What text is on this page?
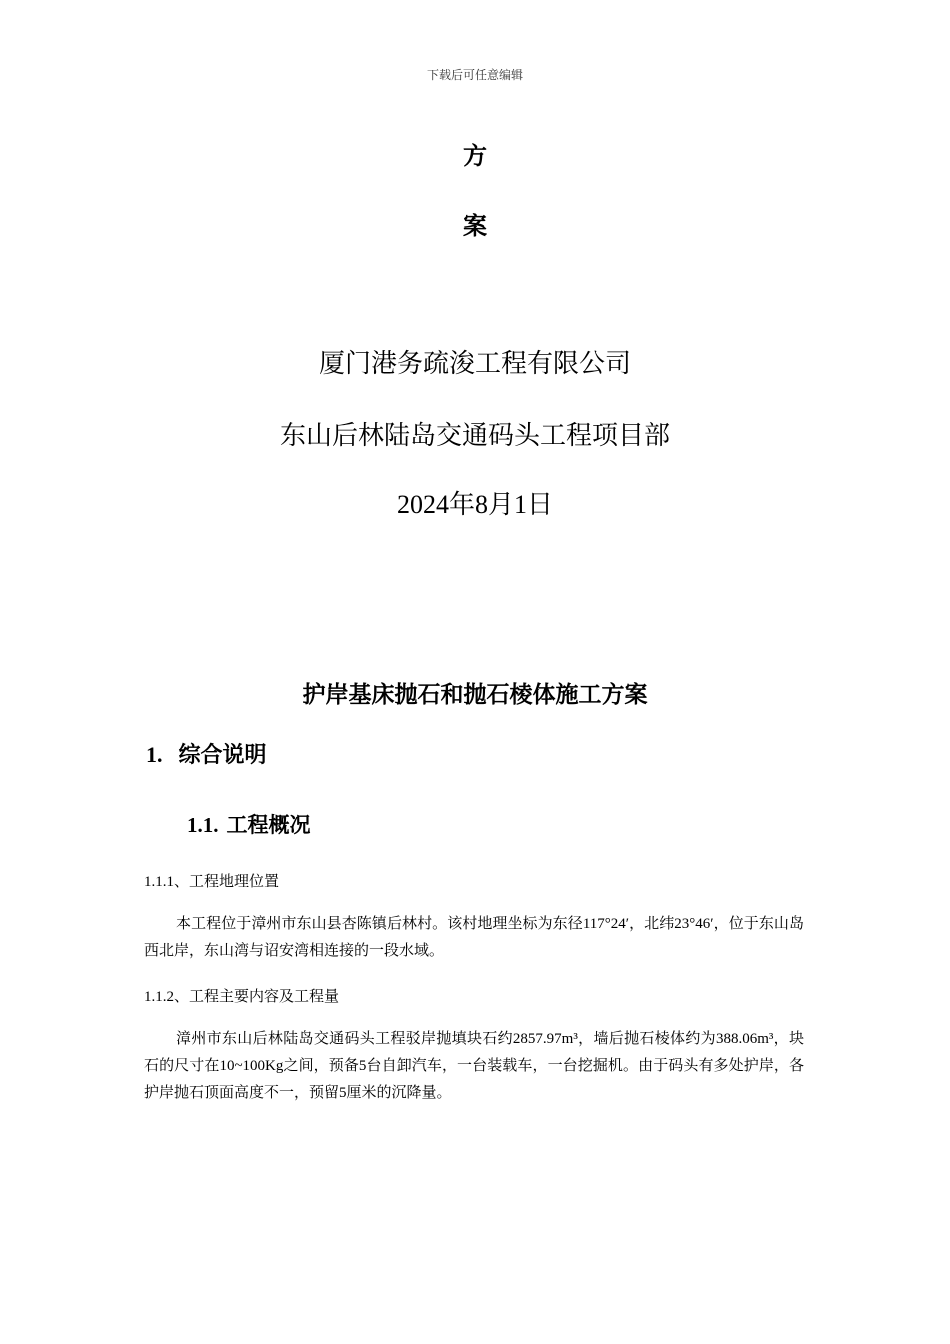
下载后可任意编辑
方
案
厦门港务疏浚工程有限公司
东山后林陆岛交通码头工程项目部
2024年8月1日
护岸基床抛石和抛石棱体施工方案
1. 综合说明
1.1. 工程概况
1.1.1、工程地理位置
本工程位于漳州市东山县杏陈镇后林村。该村地理坐标为东径117°24′，北纬23°46′，位于东山岛西北岸，东山湾与诏安湾相连接的一段水域。
1.1.2、工程主要内容及工程量
漳州市东山后林陆岛交通码头工程驳岸抛填块石约2857.97m³，墙后抛石棱体约为388.06m³，块石的尺寸在10~100Kg之间，预备5台自卸汽车，一台装载车，一台挖掘机。由于码头有多处护岸，各护岸抛石顶面高度不一，预留5厘米的沉降量。
